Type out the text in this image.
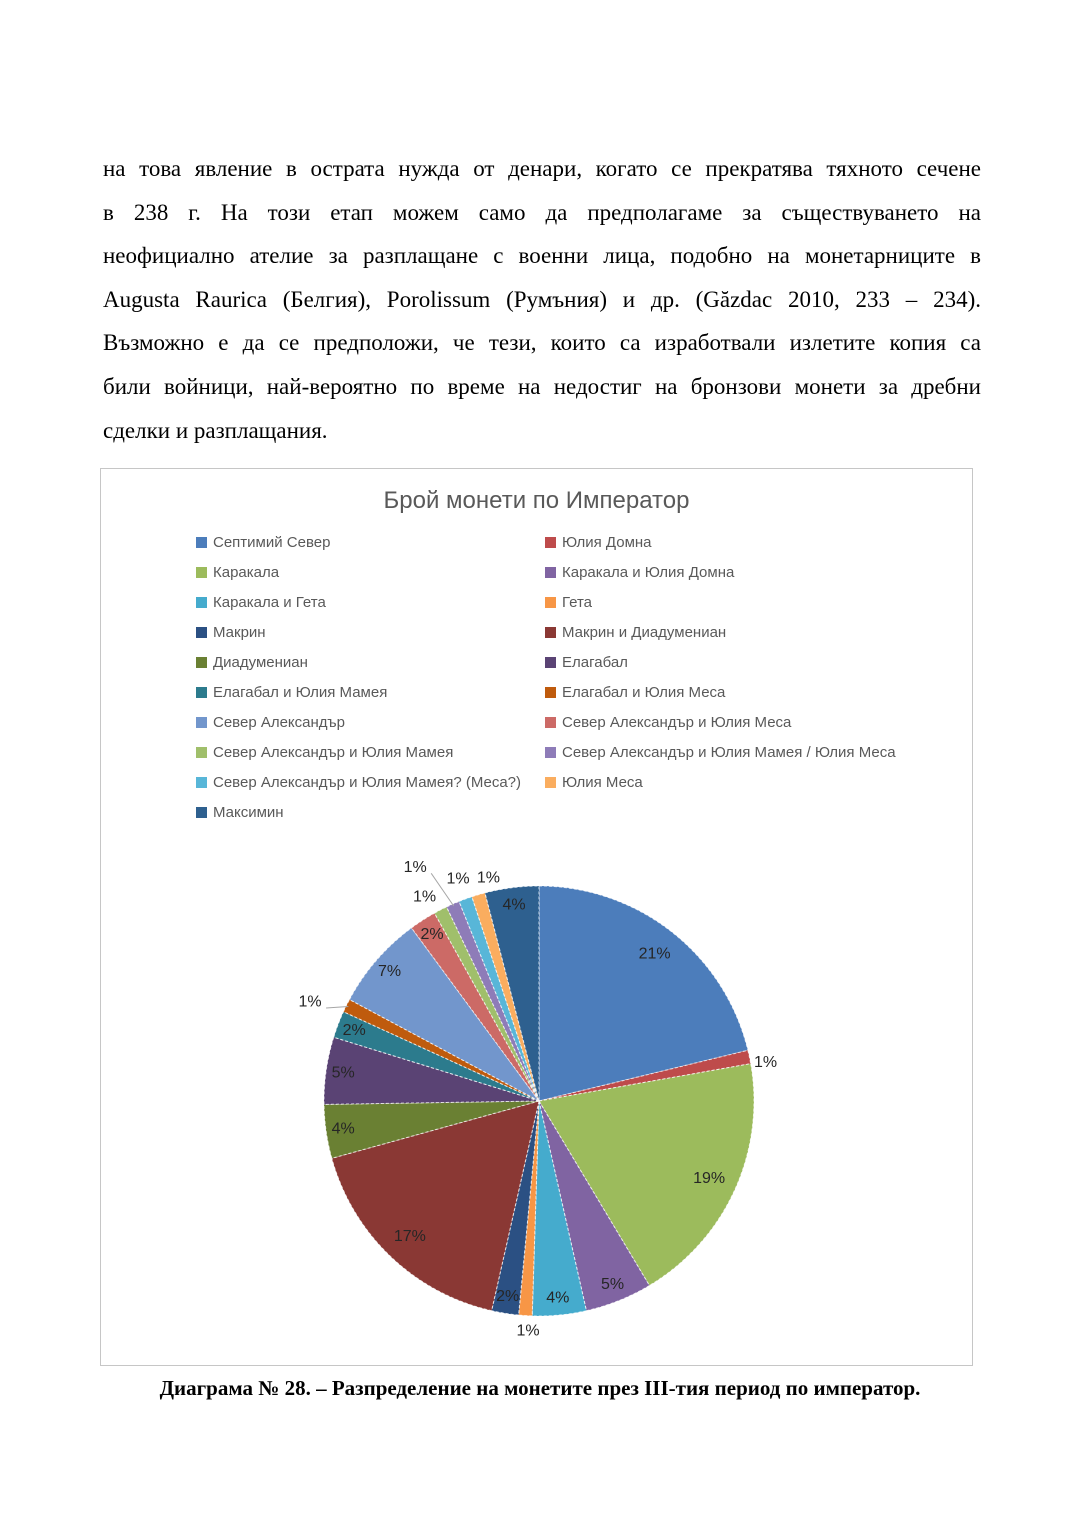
на това явление в острата нужда от денари, когато се прекратява тяхното сечене
в 238 г. На този етап можем само да предполагаме за съществуването на
неофициално ателие за разплащане с военни лица, подобно на монетарниците в
Augusta Raurica (Белгия), Porolissum (Румъния) и др. (Găzdac 2010, 233 – 234).
Възможно е да се предположи, че тези, които са изработвали излетите копия са
били войници, най-вероятно по време на недостиг на бронзови монети за дребни
сделки и разплащания.
Брой монети по Император
Септимий Север	Юлия Домна
Каракала	Каракала и Юлия Домна
Каракала и Гета	Гета
Макрин	Макрин и Диадумениан
Диадумениан	Елагабал
Елагабал и Юлия Мамея	Елагабал и Юлия Меса
Север Александър	Север Александър и Юлия Меса
Север Александър и Юлия Мамея	Север Александър и Юлия Мамея / Юлия Меса
Север Александър и Юлия Мамея? (Меса?)	Юлия Меса
Максимин
21%
1%
19%
5%
4%
1%
2%
17%
4%
5%
2%
1%
7%
2%
1%
1%
1% 1%
4%
Диаграма № 28. – Разпределение на монетите през III-тия период по император.
